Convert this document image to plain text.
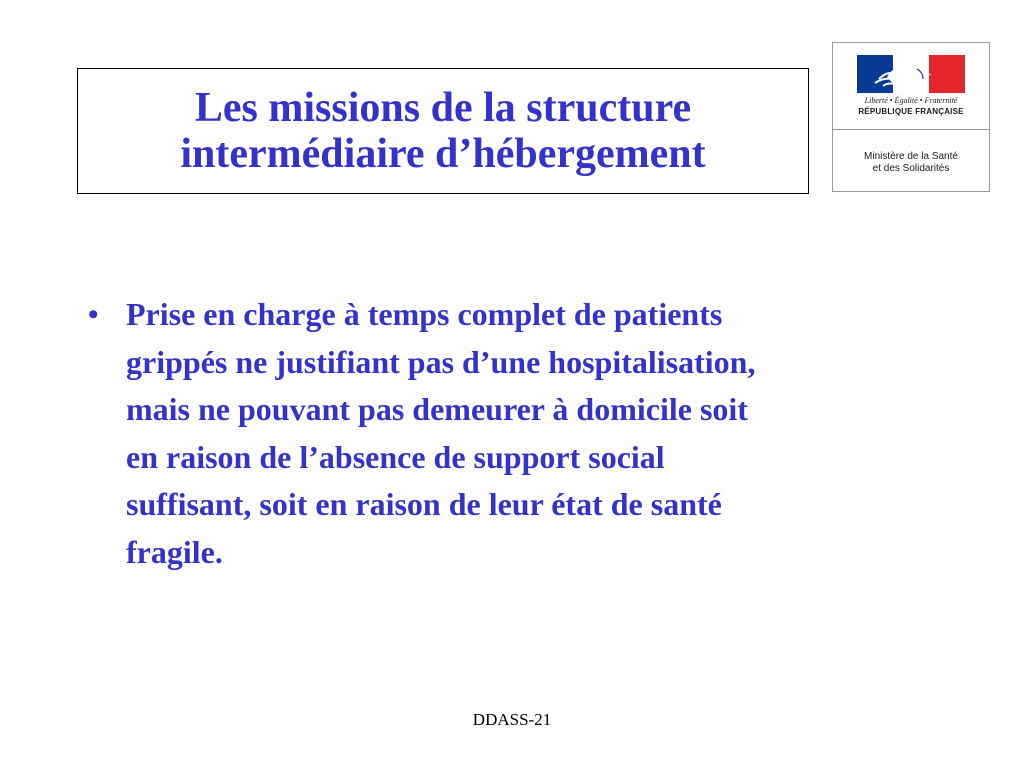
Les missions de la structure
intermédiaire d’hébergement
Liberté • Égalité • Fraternité
RÉPUBLIQUE FRANÇAISE
Ministère de la Santé
et des Solidarités
• Prise en charge à temps complet de patients
grippés ne justifiant pas d’une hospitalisation,
mais ne pouvant pas demeurer à domicile soit
en raison de l’absence de support social
suffisant, soit en raison de leur état de santé
fragile.
DDASS-21
